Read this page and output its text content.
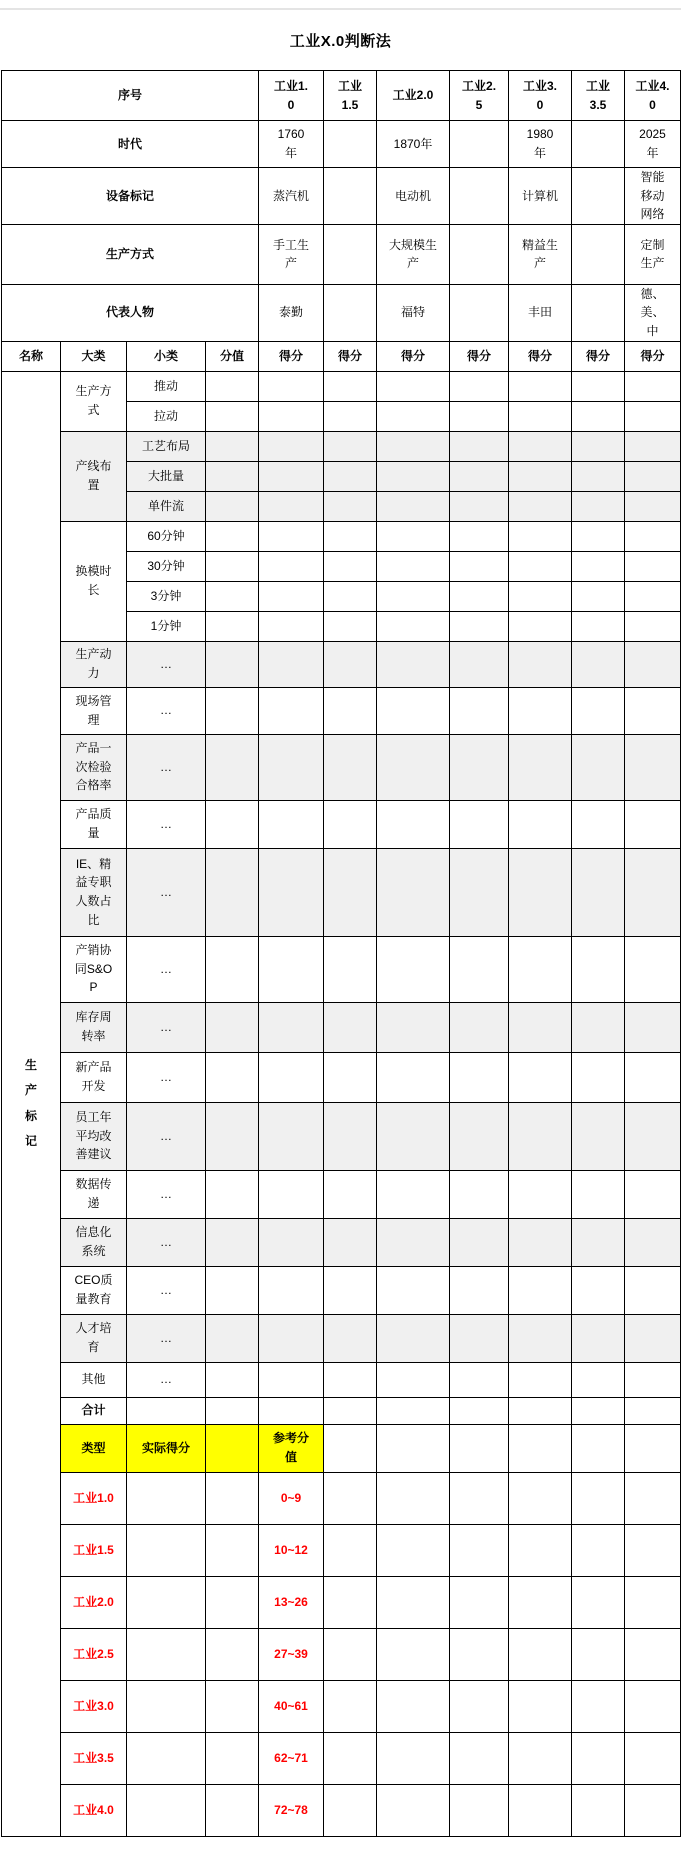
工业X.0判断法
序号				工业1.0	工业1.5	工业2.0	工业2.5	工业3.0	工业3.5	工业4.0
时代				1760年		1870年		1980年		2025年
设备标记				蒸汽机		电动机		计算机		智能移动网络
生产方式				手工生产		大规模生产		精益生产		定制生产
代表人物				泰勤		福特		丰田		德、美、中
名称	大类	小类	分值	得分	得分	得分	得分	得分	得分	得分

生产标记	生产方式	推动								
		拉动								
	产线布置	工艺布局								
		大批量								
		单件流								
	换模时长	60分钟								
		30分钟								
		3分钟								
		1分钟								
	生产动力	…								
	现场管理	…								
	产品一次检验合格率	…								
	产品质量	…								
	IE、精益专职人数占比	…								
	产销协同S&OP	…								
	库存周转率	…								
	新产品开发	…								
	员工年平均改善建议	…								
	数据传递	…								
	信息化系统	…								
	CEO质量教育	…								
	人才培育	…								
	其他	…								
	合计									
	类型	实际得分		参考分值						
	工业1.0			0~9						
	工业1.5			10~12						
	工业2.0			13~26						
	工业2.5			27~39						
	工业3.0			40~61						
	工业3.5			62~71						
	工业4.0			72~78						
